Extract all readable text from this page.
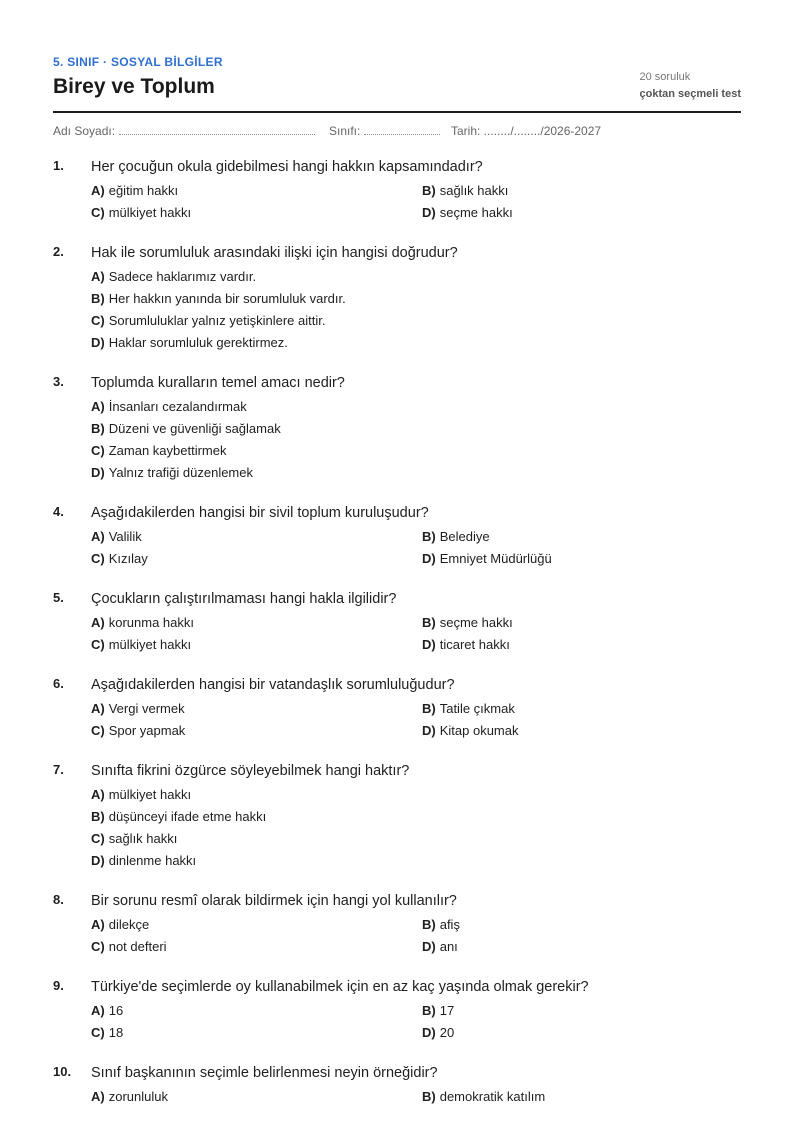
5. SINIF · SOSYAL BİLGİLER
Birey ve Toplum	20 soruluk
çoktan seçmeli test
Adı Soyadı:	Sınıfı:	Tarih: ......../......../2026-2027
1. Her çocuğun okula gidebilmesi hangi hakkın kapsamındadır?
A) eğitim hakkı	B) sağlık hakkı
C) mülkiyet hakkı	D) seçme hakkı
2. Hak ile sorumluluk arasındaki ilişki için hangisi doğrudur?
A) Sadece haklarımız vardır.
B) Her hakkın yanında bir sorumluluk vardır.
C) Sorumluluklar yalnız yetişkinlere aittir.
D) Haklar sorumluluk gerektirmez.
3. Toplumda kuralların temel amacı nedir?
A) İnsanları cezalandırmak
B) Düzeni ve güvenliği sağlamak
C) Zaman kaybettirmek
D) Yalnız trafiği düzenlemek
4. Aşağıdakilerden hangisi bir sivil toplum kuruluşudur?
A) Valilik	B) Belediye
C) Kızılay	D) Emniyet Müdürlüğü
5. Çocukların çalıştırılmaması hangi hakla ilgilidir?
A) korunma hakkı	B) seçme hakkı
C) mülkiyet hakkı	D) ticaret hakkı
6. Aşağıdakilerden hangisi bir vatandaşlık sorumluluğudur?
A) Vergi vermek	B) Tatile çıkmak
C) Spor yapmak	D) Kitap okumak
7. Sınıfta fikrini özgürce söyleyebilmek hangi haktır?
A) mülkiyet hakkı
B) düşünceyi ifade etme hakkı
C) sağlık hakkı
D) dinlenme hakkı
8. Bir sorunu resmî olarak bildirmek için hangi yol kullanılır?
A) dilekçe	B) afiş
C) not defteri	D) anı
9. Türkiye'de seçimlerde oy kullanabilmek için en az kaç yaşında olmak gerekir?
A) 16	B) 17
C) 18	D) 20
10. Sınıf başkanının seçimle belirlenmesi neyin örneğidir?
A) zorunluluk	B) demokratik katılım
